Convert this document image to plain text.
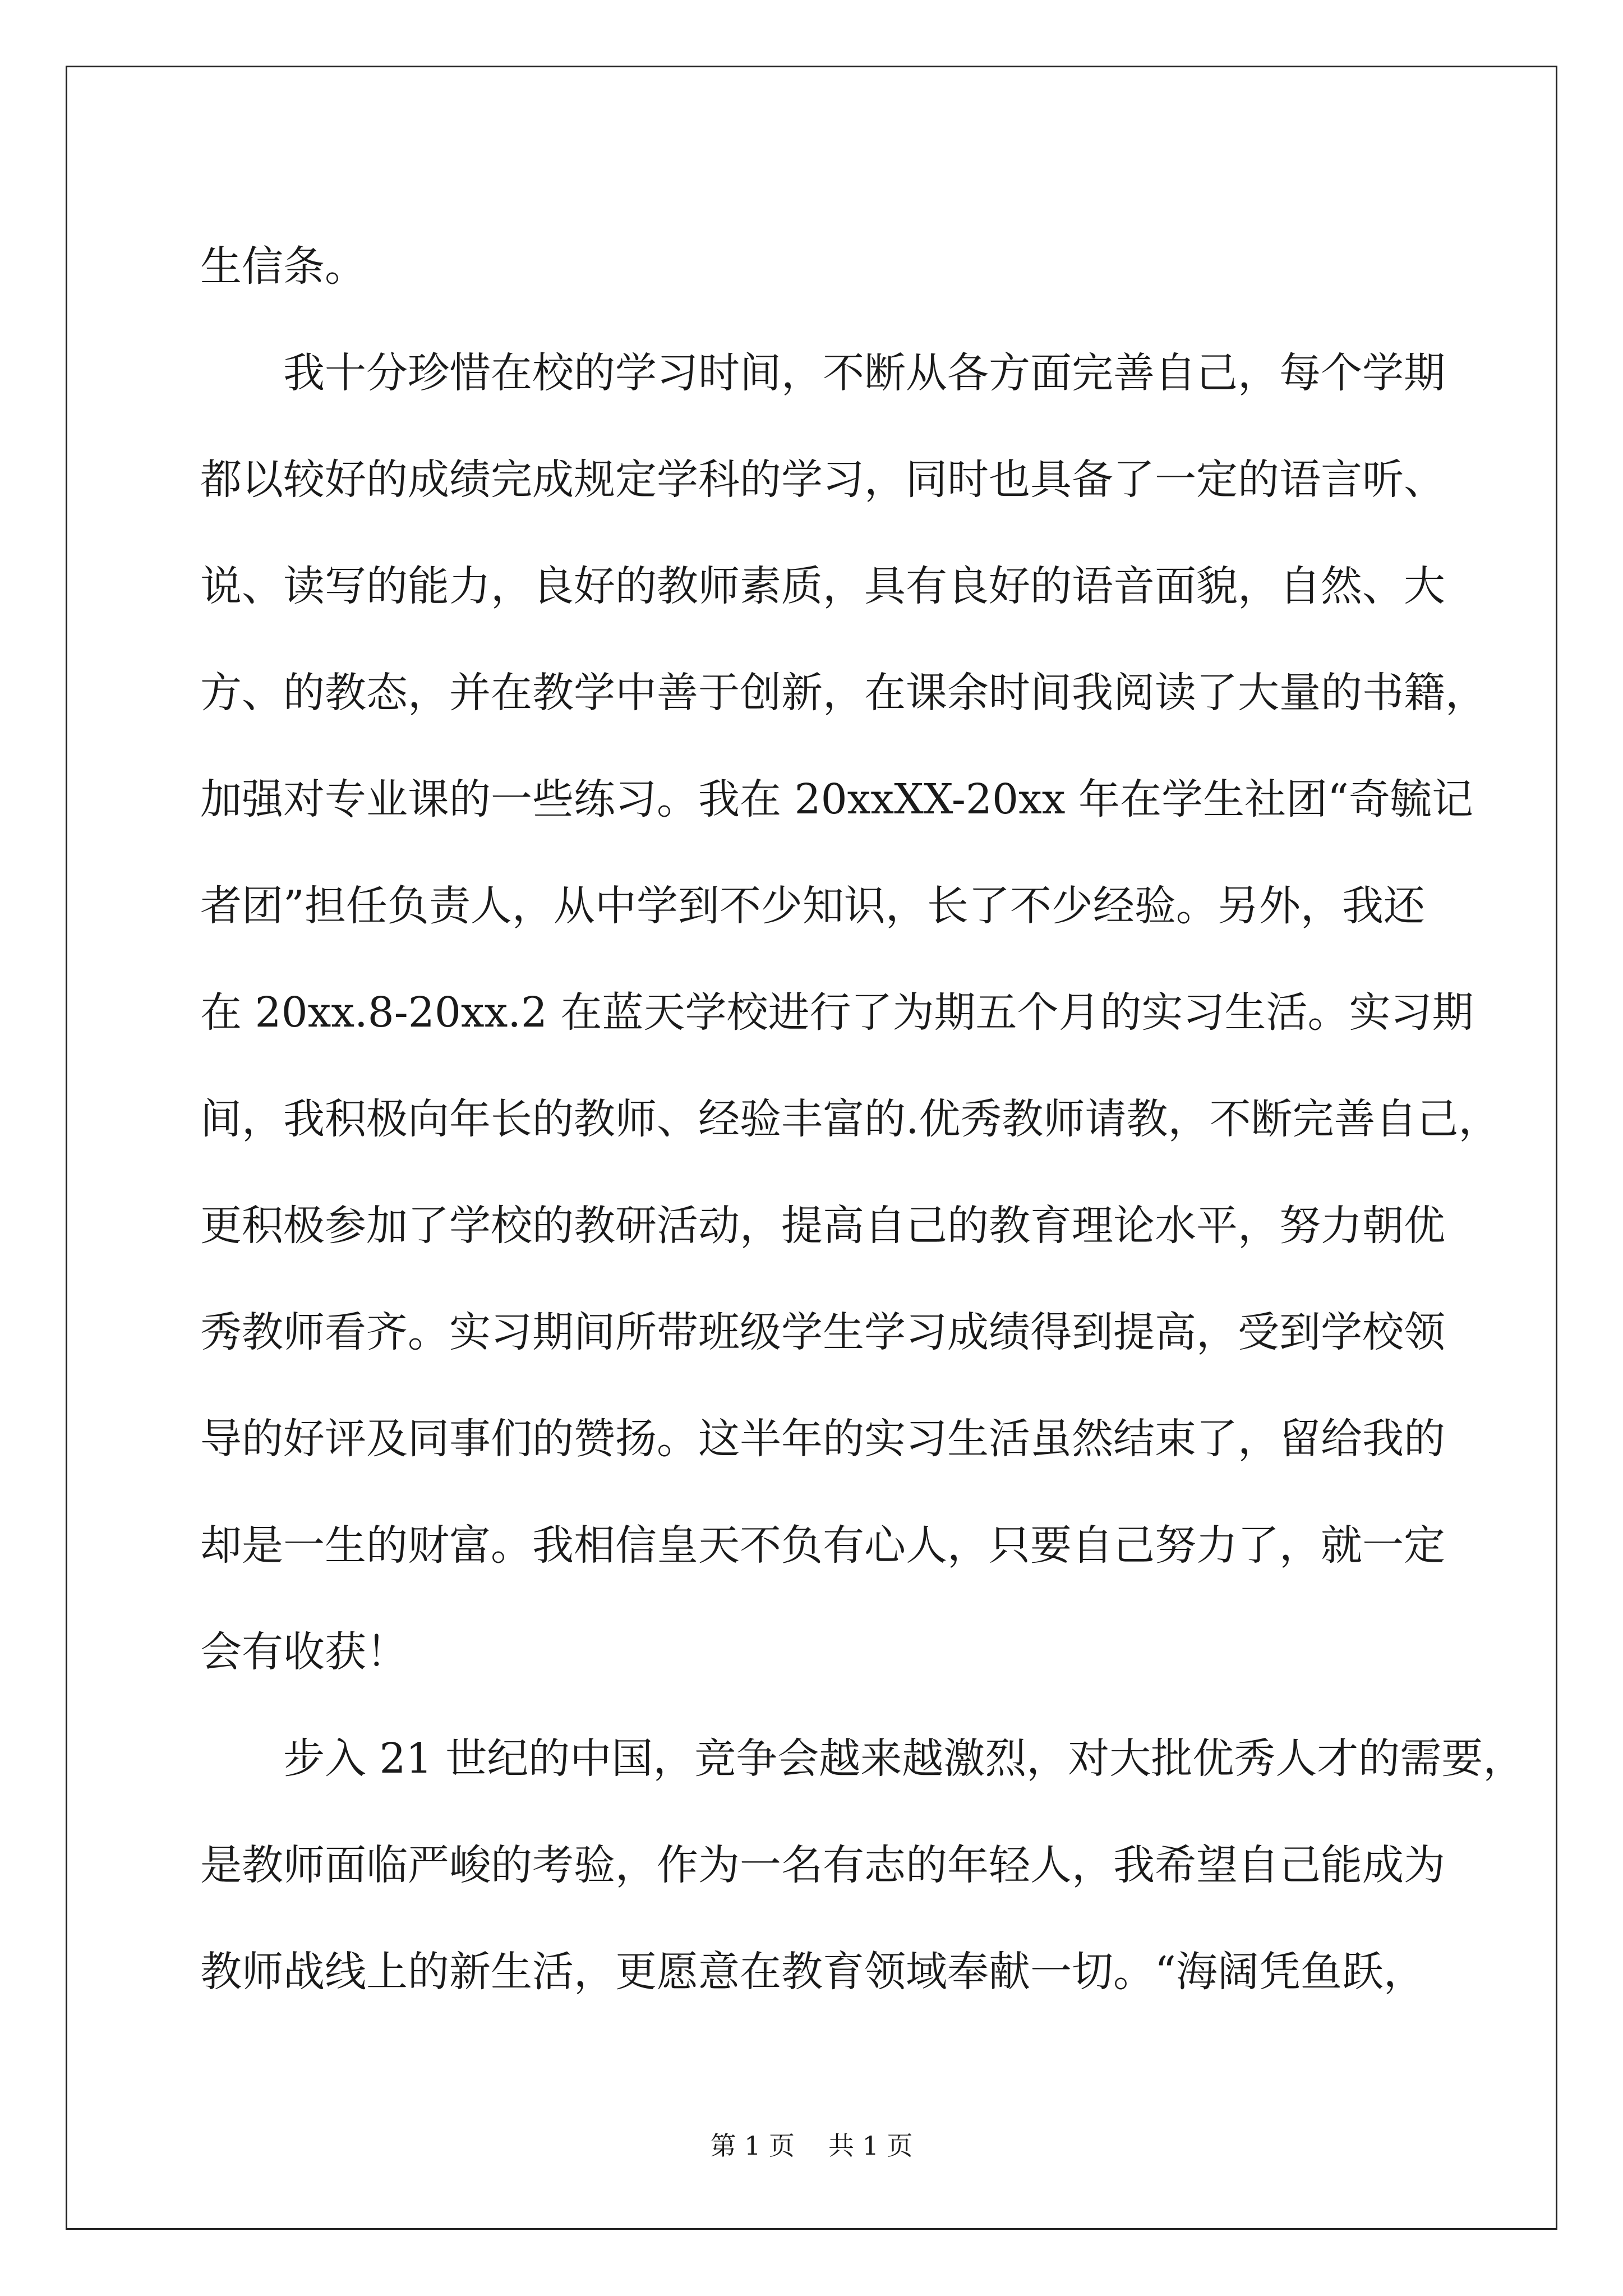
生信条。
我十分珍惜在校的学习时间，不断从各方面完善自己，每个学期
都以较好的成绩完成规定学科的学习，同时也具备了一定的语言听、
说、读写的能力，良好的教师素质，具有良好的语音面貌，自然、大
方、的教态，并在教学中善于创新，在课余时间我阅读了大量的书籍，
加强对专业课的一些练习。我在 20xxXX-20xx 年在学生社团“奇毓记
者团”担任负责人，从中学到不少知识，长了不少经验。另外，我还
在 20xx.8-20xx.2 在蓝天学校进行了为期五个月的实习生活。实习期
间，我积极向年长的教师、经验丰富的.优秀教师请教，不断完善自己，
更积极参加了学校的教研活动，提高自己的教育理论水平，努力朝优
秀教师看齐。实习期间所带班级学生学习成绩得到提高，受到学校领
导的好评及同事们的赞扬。这半年的实习生活虽然结束了，留给我的
却是一生的财富。我相信皇天不负有心人，只要自己努力了，就一定
会有收获！
步入 21 世纪的中国，竞争会越来越激烈，对大批优秀人才的需要，
是教师面临严峻的考验，作为一名有志的年轻人，我希望自己能成为
教师战线上的新生活，更愿意在教育领域奉献一切。“海阔凭鱼跃，
第 1 页 共 1 页
